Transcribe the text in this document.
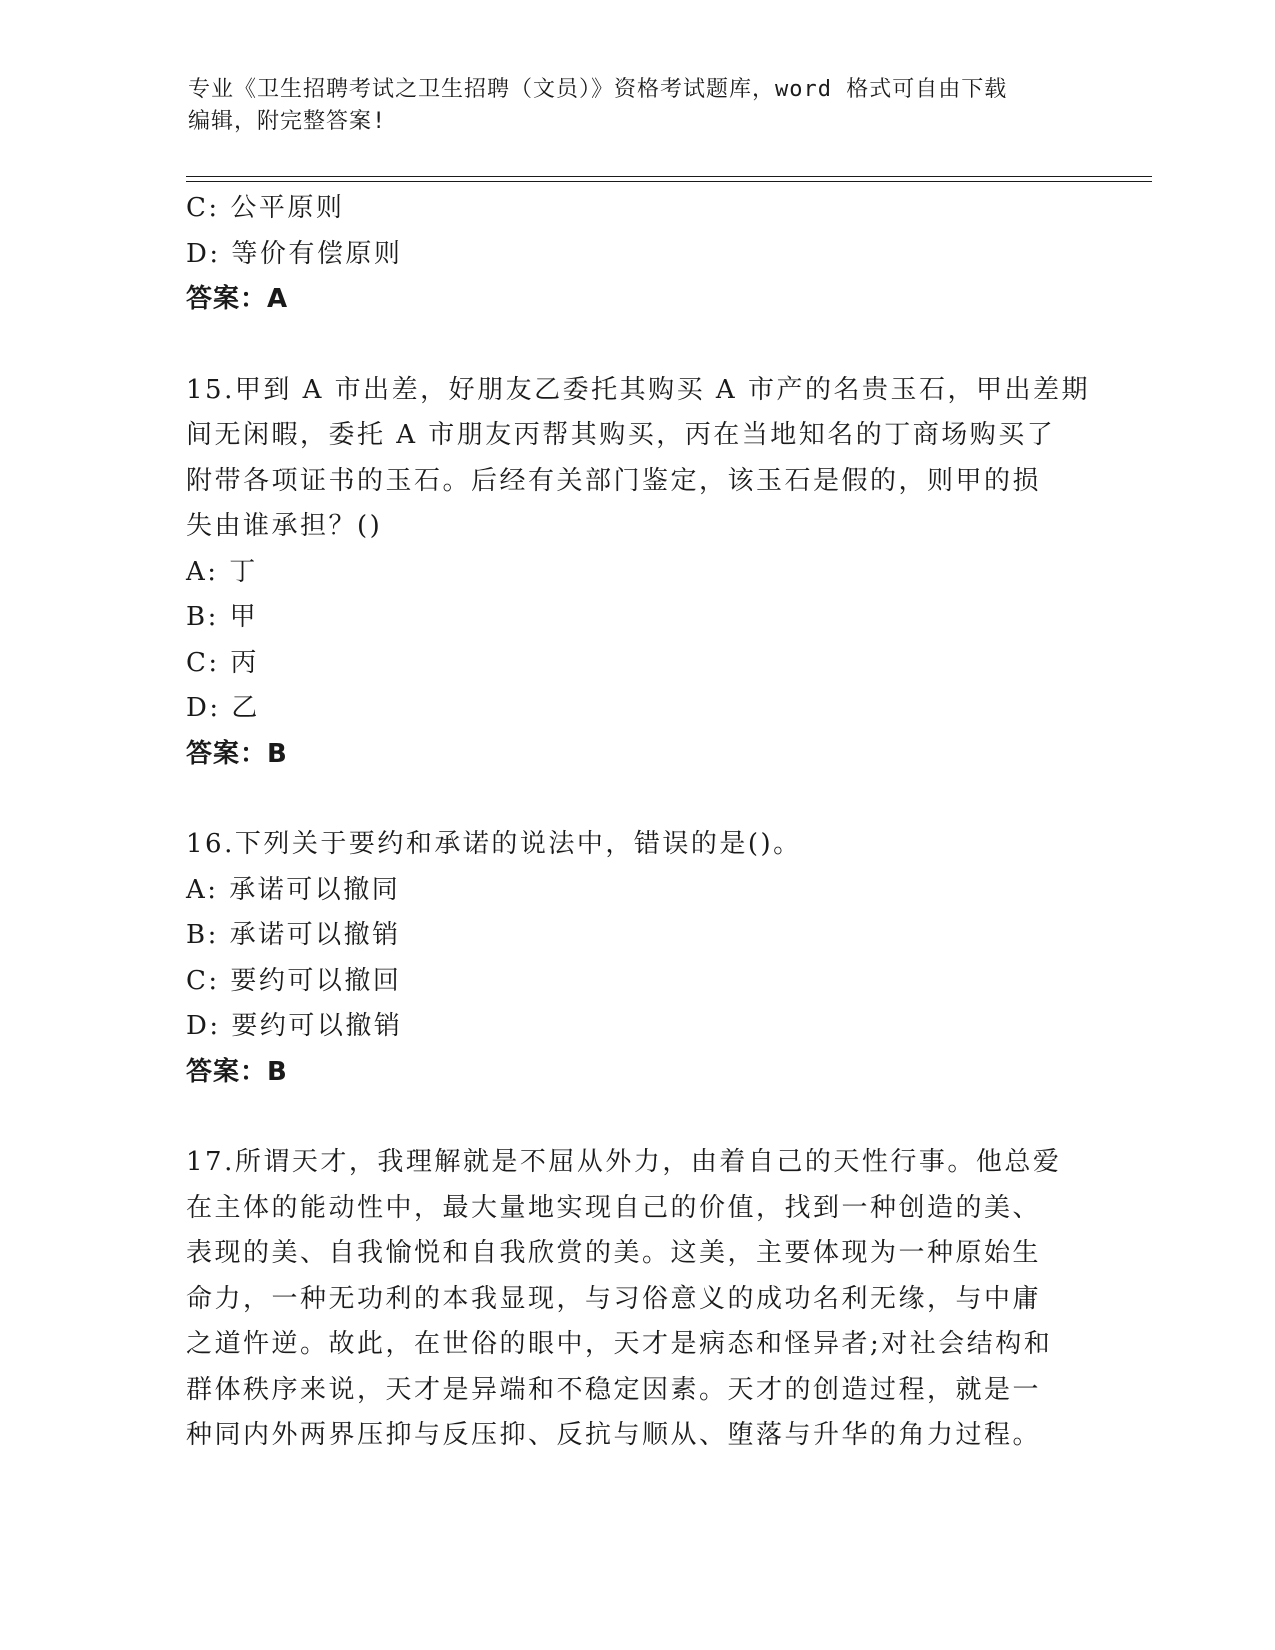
专业《卫生招聘考试之卫生招聘（文员）》资格考试题库，word 格式可自由下载
编辑，附完整答案!
C: 公平原则
D: 等价有偿原则
答案：A
15.甲到 A 市出差，好朋友乙委托其购买 A 市产的名贵玉石，甲出差期
间无闲暇，委托 A 市朋友丙帮其购买，丙在当地知名的丁商场购买了
附带各项证书的玉石。后经有关部门鉴定，该玉石是假的，则甲的损
失由谁承担？()
A: 丁
B: 甲
C: 丙
D: 乙
答案：B
16.下列关于要约和承诺的说法中，错误的是()。
A: 承诺可以撤同
B: 承诺可以撤销
C: 要约可以撤回
D: 要约可以撤销
答案：B
17.所谓天才，我理解就是不屈从外力，由着自己的天性行事。他总爱
在主体的能动性中，最大量地实现自己的价值，找到一种创造的美、
表现的美、自我愉悦和自我欣赏的美。这美，主要体现为一种原始生
命力，一种无功利的本我显现，与习俗意义的成功名利无缘，与中庸
之道忤逆。故此，在世俗的眼中，天才是病态和怪异者;对社会结构和
群体秩序来说，天才是异端和不稳定因素。天才的创造过程，就是一
种同内外两界压抑与反压抑、反抗与顺从、堕落与升华的角力过程。
